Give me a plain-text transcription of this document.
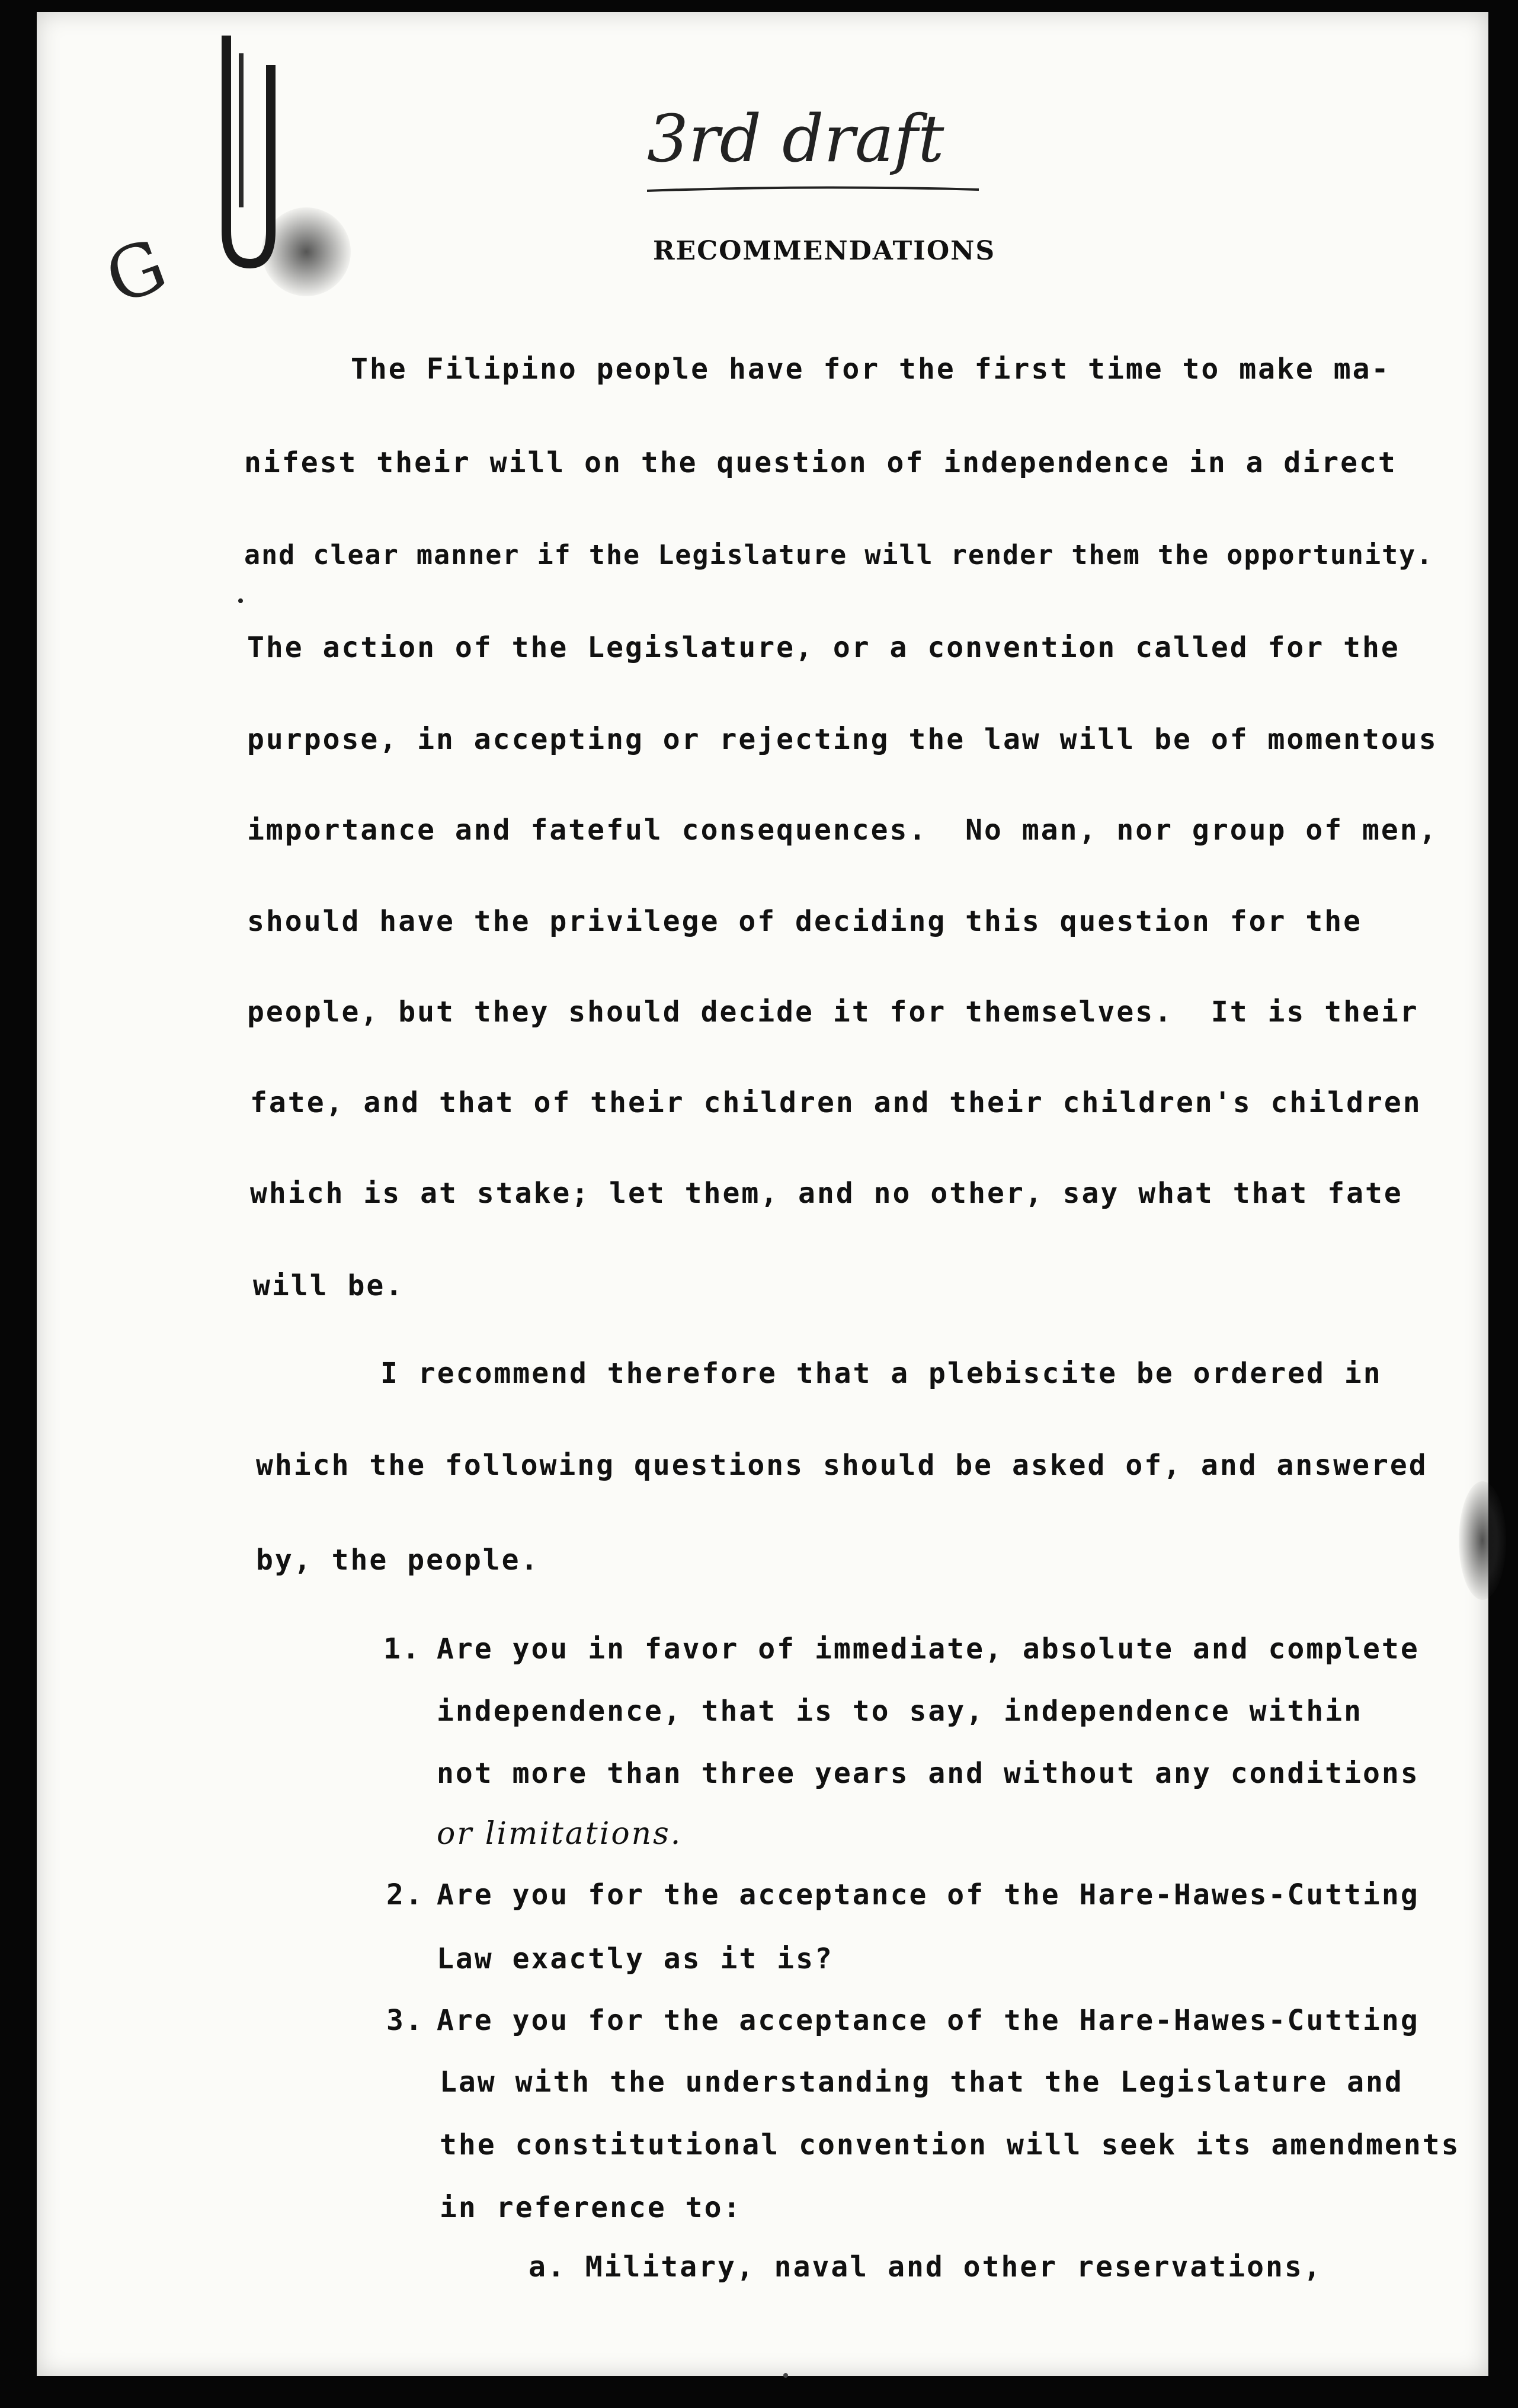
G
3rd draft
RECOMMENDATIONS
The Filipino people have for the first time to make ma-
nifest their will on the question of independence in a direct
and clear manner if the Legislature will render them the opportunity.
The action of the Legislature, or a convention called for the
purpose, in accepting or rejecting the law will be of momentous
importance and fateful consequences.  No man, nor group of men,
should have the privilege of deciding this question for the
people, but they should decide it for themselves.  It is their
fate, and that of their children and their children's children
which is at stake; let them, and no other, say what that fate
will be.
I recommend therefore that a plebiscite be ordered in
which the following questions should be asked of, and answered
by, the people.
1. Are you in favor of immediate, absolute and complete
independence, that is to say, independence within
not more than three years and without any conditions
or limitations.
2. Are you for the acceptance of the Hare-Hawes-Cutting
Law exactly as it is?
3. Are you for the acceptance of the Hare-Hawes-Cutting
Law with the understanding that the Legislature and
the constitutional convention will seek its amendments
in reference to:
a. Military, naval and other reservations,
